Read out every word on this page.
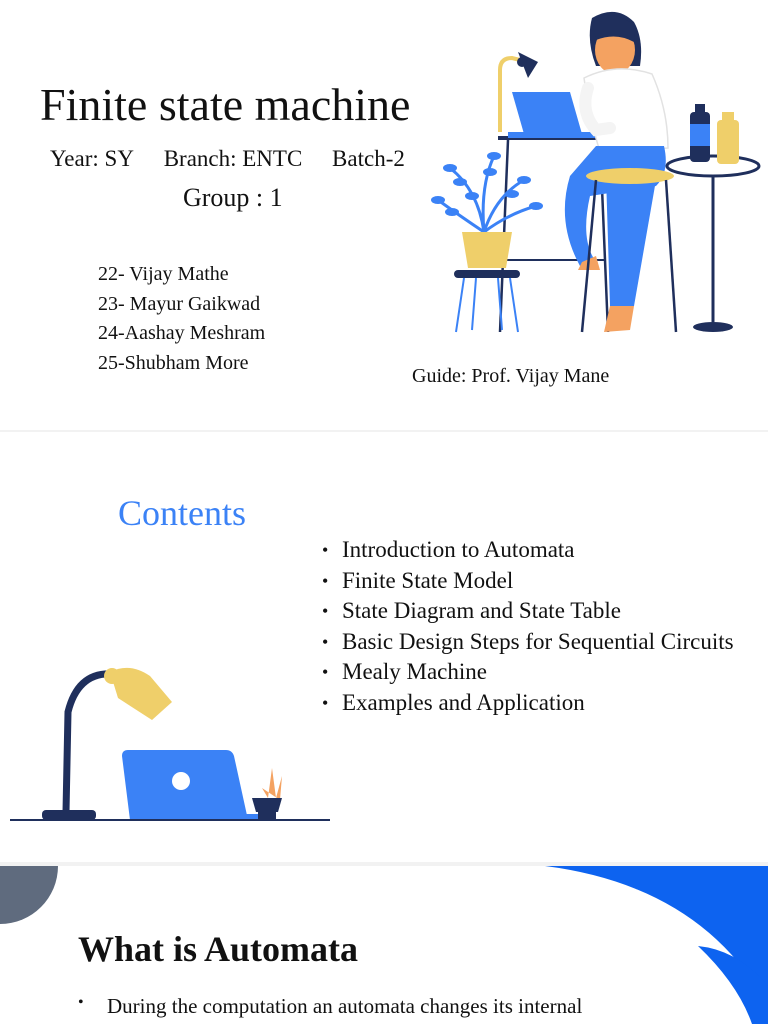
Finite state machine
Year: SY Branch: ENTC Batch-2
Group : 1
22- Vijay Mathe
23- Mayur Gaikwad
24-Aashay Meshram
25-Shubham More
Guide: Prof. Vijay Mane
Contents
• Introduction to Automata
• Finite State Model
• State Diagram and State Table
• Basic Design Steps for Sequential Circuits
• Mealy Machine
• Examples and Application
What is Automata
• During the computation an automata changes its internal
